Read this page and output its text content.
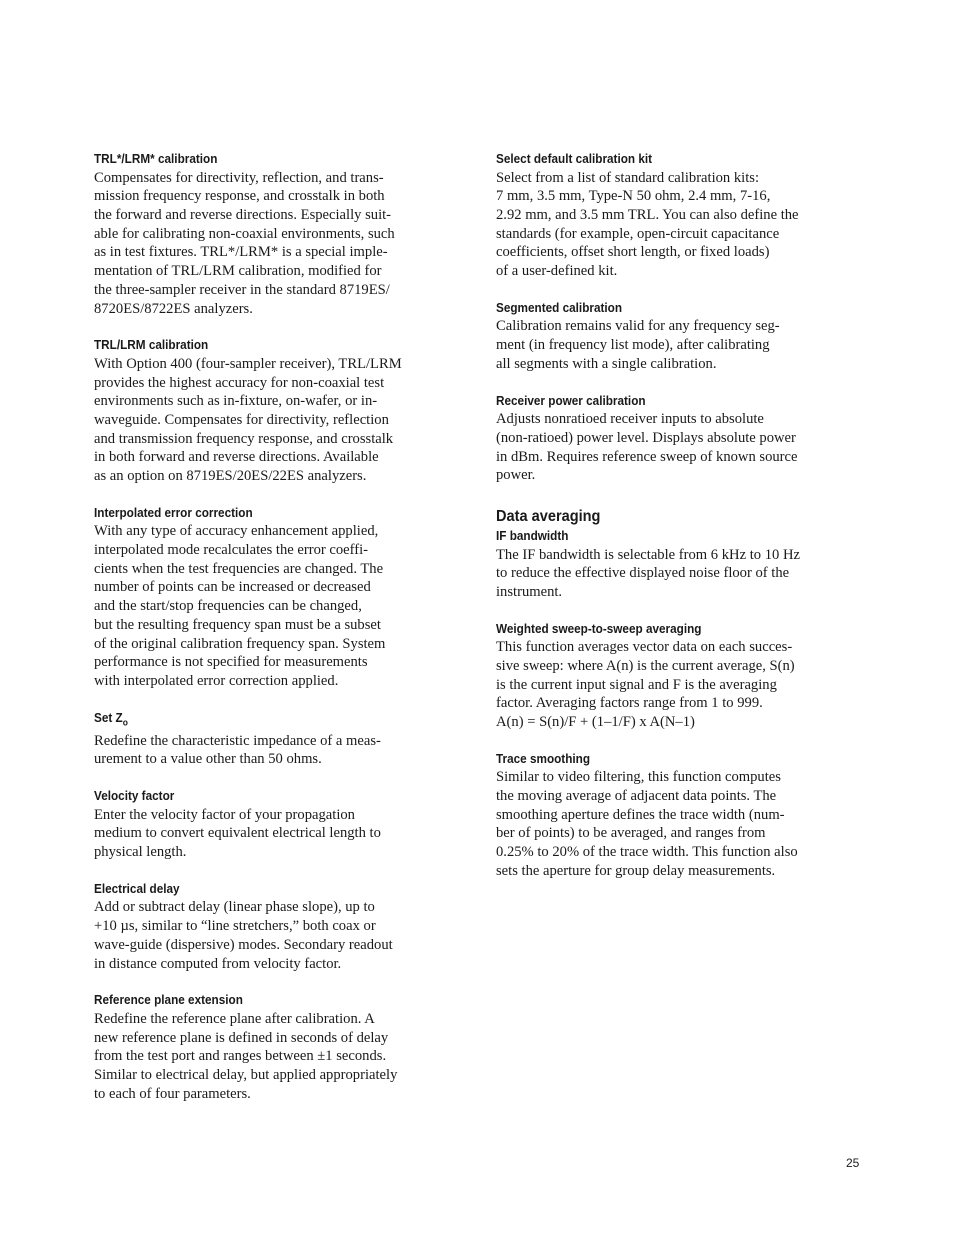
TRL*/LRM* calibration

Compensates for directivity, reflection, and trans-
mission frequency response, and crosstalk in both
the forward and reverse directions. Especially suit-
able for calibrating non-coaxial environments, such
as in test fixtures. TRL*/LRM* is a special imple-
mentation of TRL/LRM calibration, modified for
the three-sampler receiver in the standard 8719ES/
8720ES/8722ES analyzers.

TRL/LRM calibration

With Option 400 (four-sampler receiver), TRL/LRM
provides the highest accuracy for non-coaxial test
environments such as in-fixture, on-wafer, or in-
waveguide. Compensates for directivity, reflection
and transmission frequency response, and crosstalk
in both forward and reverse directions. Available
as an option on 8719ES/20ES/22ES analyzers.

Interpolated error correction

With any type of accuracy enhancement applied,
interpolated mode recalculates the error coeffi-
cients when the test frequencies are changed. The
number of points can be increased or decreased
and the start/stop frequencies can be changed,
but the resulting frequency span must be a subset
of the original calibration frequency span. System
performance is not specified for measurements
with interpolated error correction applied.

Set $Z_o$

Redefine the characteristic impedance of a meas-
urement to a value other than 50 ohms.

Velocity factor

Enter the velocity factor of your propagation
medium to convert equivalent electrical length to
physical length.

Electrical delay

Add or subtract delay (linear phase slope), up to
+10 µs, similar to “line stretchers,” both coax or
wave-guide (dispersive) modes. Secondary readout
in distance computed from velocity factor.

Reference plane extension

Redefine the reference plane after calibration. A
new reference plane is defined in seconds of delay
from the test port and ranges between ±1 seconds.
Similar to electrical delay, but applied appropriately
to each of four parameters.

Select default calibration kit

Select from a list of standard calibration kits:
7 mm, 3.5 mm, Type-N 50 ohm, 2.4 mm, 7-16,
2.92 mm, and 3.5 mm TRL. You can also define the
standards (for example, open-circuit capacitance
coefficients, offset short length, or fixed loads)
of a user-defined kit.

Segmented calibration

Calibration remains valid for any frequency seg-
ment (in frequency list mode), after calibrating
all segments with a single calibration.

Receiver power calibration

Adjusts nonratioed receiver inputs to absolute
(non-ratioed) power level. Displays absolute power
in dBm. Requires reference sweep of known source
power.

Data averaging
IF bandwidth

The IF bandwidth is selectable from 6 kHz to 10 Hz
to reduce the effective displayed noise floor of the
instrument.

Weighted sweep-to-sweep averaging

This function averages vector data on each succes-
sive sweep: where A(n) is the current average, S(n)
is the current input signal and F is the averaging
factor. Averaging factors range from 1 to 999.
A(n) = S(n)/F + (1–1/F) x A(N–1)

Trace smoothing

Similar to video filtering, this function computes
the moving average of adjacent data points. The
smoothing aperture defines the trace width (num-
ber of points) to be averaged, and ranges from
0.25% to 20% of the trace width. This function also
sets the aperture for group delay measurements.

25
